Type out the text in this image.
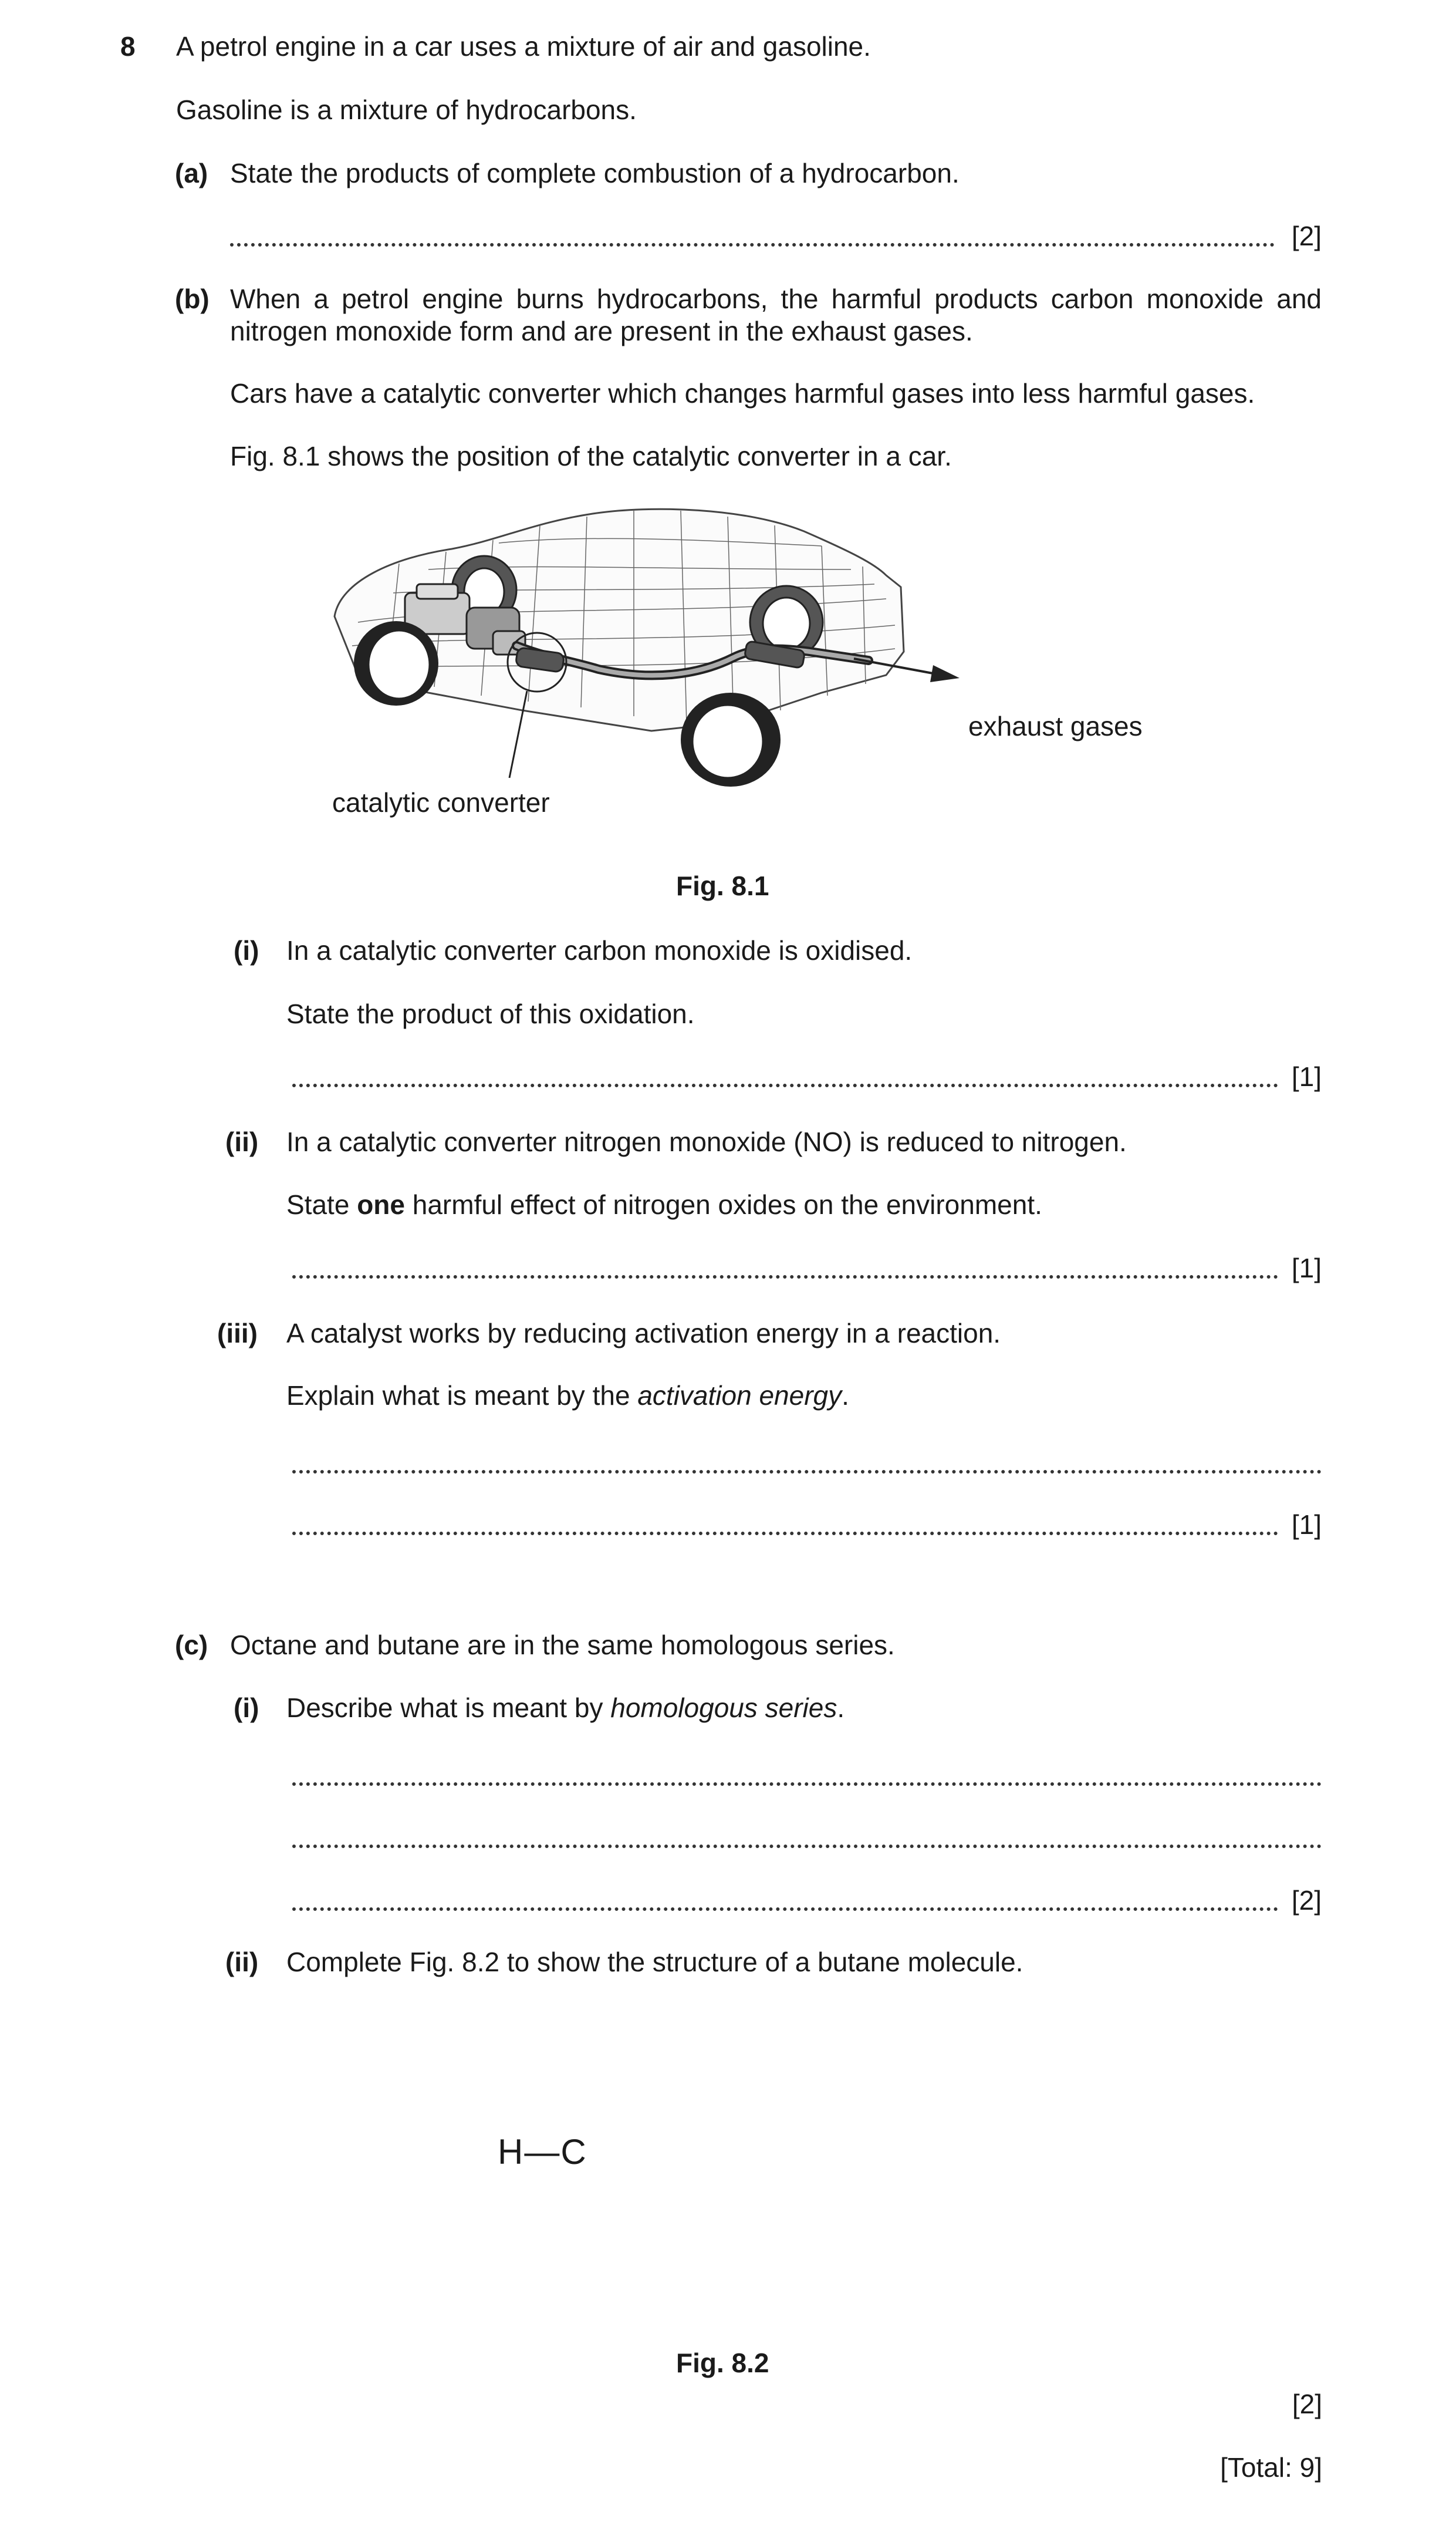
8 A petrol engine in a car uses a mixture of air and gasoline.
Gasoline is a mixture of hydrocarbons.
(a) State the products of complete combustion of a hydrocarbon.
[2]
(b) When a petrol engine burns hydrocarbons, the harmful products carbon monoxide and nitrogen monoxide form and are present in the exhaust gases.
Cars have a catalytic converter which changes harmful gases into less harmful gases.
Fig. 8.1 shows the position of the catalytic converter in a car.
exhaust gases
catalytic converter
Fig. 8.1
(i) In a catalytic converter carbon monoxide is oxidised.
State the product of this oxidation.
[1]
(ii) In a catalytic converter nitrogen monoxide (NO) is reduced to nitrogen.
State one harmful effect of nitrogen oxides on the environment.
[1]
(iii) A catalyst works by reducing activation energy in a reaction.
Explain what is meant by the activation energy.
[1]
(c) Octane and butane are in the same homologous series.
(i) Describe what is meant by homologous series.
[2]
(ii) Complete Fig. 8.2 to show the structure of a butane molecule.
H—C
Fig. 8.2
[2]
[Total: 9]
